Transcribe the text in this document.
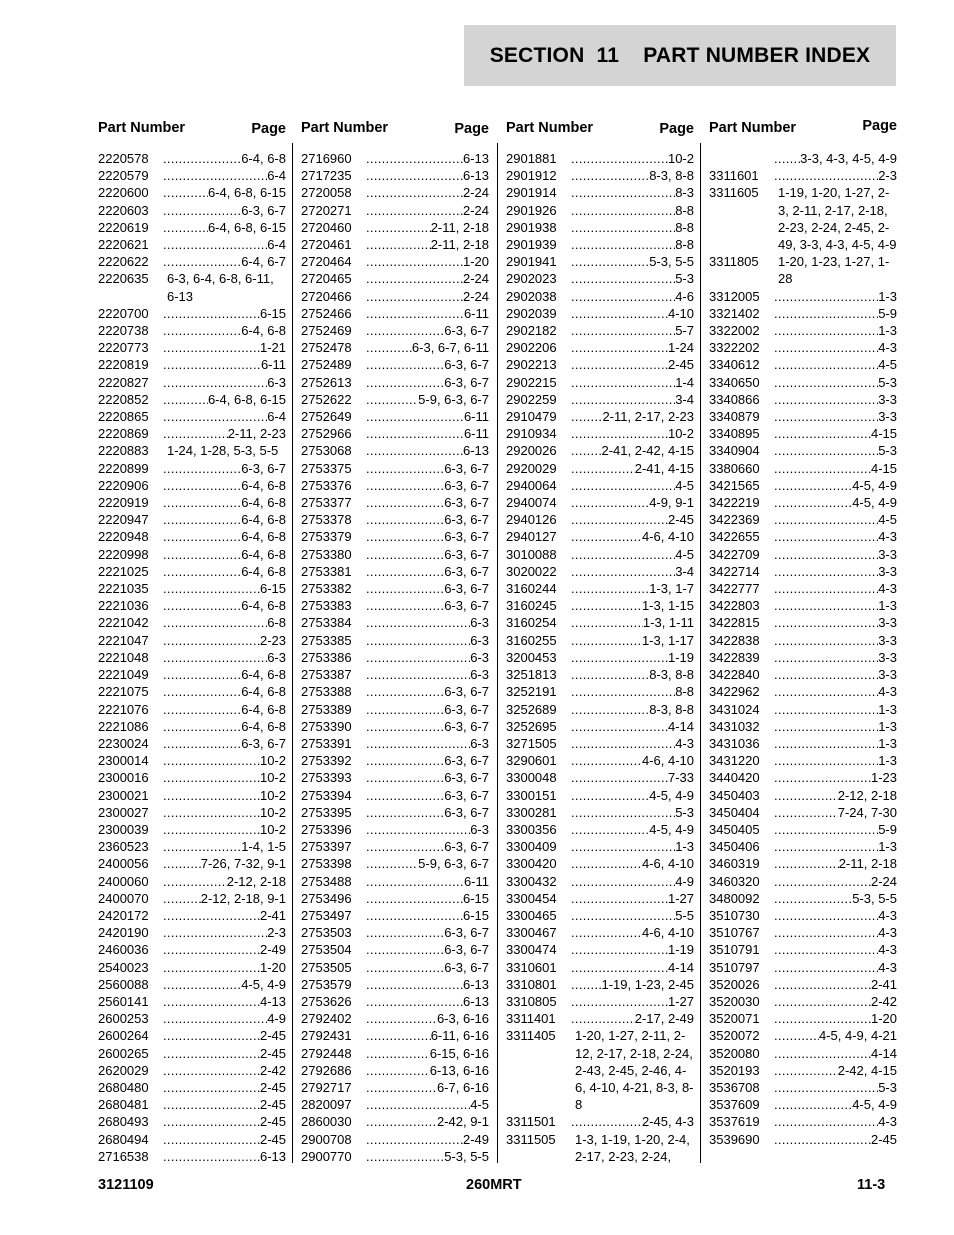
SECTION  11    PART NUMBER INDEX
Part Number	Page
2220578	..... 6-4, 6-8
2220579	..... 6-4
2220600	..... 6-4, 6-8, 6-15
2220603	..... 6-3, 6-7
2220619	..... 6-4, 6-8, 6-15
2220621	..... 6-4
2220622	..... 6-4, 6-7
2220635	6-3, 6-4, 6-8, 6-11, 6-13
2220700	..... 6-15
2220738	..... 6-4, 6-8
2220773	..... 1-21
2220819	..... 6-11
2220827	..... 6-3
2220852	..... 6-4, 6-8, 6-15
2220865	..... 6-4
2220869	..... 2-11, 2-23
2220883	1-24, 1-28, 5-3, 5-5
2220899	..... 6-3, 6-7
2220906	..... 6-4, 6-8
2220919	..... 6-4, 6-8
2220947	..... 6-4, 6-8
2220948	..... 6-4, 6-8
2220998	..... 6-4, 6-8
2221025	..... 6-4, 6-8
2221035	..... 6-15
2221036	..... 6-4, 6-8
2221042	..... 6-8
2221047	..... 2-23
2221048	..... 6-3
2221049	..... 6-4, 6-8
2221075	..... 6-4, 6-8
2221076	..... 6-4, 6-8
2221086	..... 6-4, 6-8
2230024	..... 6-3, 6-7
2300014	..... 10-2
2300016	..... 10-2
2300021	..... 10-2
2300027	..... 10-2
2300039	..... 10-2
2360523	..... 1-4, 1-5
2400056	..... 7-26, 7-32, 9-1
2400060	..... 2-12, 2-18
2400070	..... 2-12, 2-18, 9-1
2420172	..... 2-41
2420190	..... 2-3
2460036	..... 2-49
2540023	..... 1-20
2560088	..... 4-5, 4-9
2560141	..... 4-13
2600253	..... 4-9
2600264	..... 2-45
2600265	..... 2-45
2620029	..... 2-42
2680480	..... 2-45
2680481	..... 2-45
2680493	..... 2-45
2680494	..... 2-45
2716538	..... 6-13
Part Number	Page
2716960	..... 6-13
2717235	..... 6-13
2720058	..... 2-24
2720271	..... 2-24
2720460	..... 2-11, 2-18
2720461	..... 2-11, 2-18
2720464	..... 1-20
2720465	..... 2-24
2720466	..... 2-24
2752466	..... 6-11
2752469	..... 6-3, 6-7
2752478	..... 6-3, 6-7, 6-11
2752489	..... 6-3, 6-7
2752613	..... 6-3, 6-7
2752622	..... 5-9, 6-3, 6-7
2752649	..... 6-11
2752966	..... 6-11
2753068	..... 6-13
2753375	..... 6-3, 6-7
2753376	..... 6-3, 6-7
2753377	..... 6-3, 6-7
2753378	..... 6-3, 6-7
2753379	..... 6-3, 6-7
2753380	..... 6-3, 6-7
2753381	..... 6-3, 6-7
2753382	..... 6-3, 6-7
2753383	..... 6-3, 6-7
2753384	..... 6-3
2753385	..... 6-3
2753386	..... 6-3
2753387	..... 6-3
2753388	..... 6-3, 6-7
2753389	..... 6-3, 6-7
2753390	..... 6-3, 6-7
2753391	..... 6-3
2753392	..... 6-3, 6-7
2753393	..... 6-3, 6-7
2753394	..... 6-3, 6-7
2753395	..... 6-3, 6-7
2753396	..... 6-3
2753397	..... 6-3, 6-7
2753398	..... 5-9, 6-3, 6-7
2753488	..... 6-11
2753496	..... 6-15
2753497	..... 6-15
2753503	..... 6-3, 6-7
2753504	..... 6-3, 6-7
2753505	..... 6-3, 6-7
2753579	..... 6-13
2753626	..... 6-13
2792402	..... 6-3, 6-16
2792431	..... 6-11, 6-16
2792448	..... 6-15, 6-16
2792686	..... 6-13, 6-16
2792717	..... 6-7, 6-16
2820097	..... 4-5
2860030	..... 2-42, 9-1
2900708	..... 2-49
2900770	..... 5-3, 5-5
Part Number	Page
2901881	..... 10-2
2901912	..... 8-3, 8-8
2901914	..... 8-3
2901926	..... 8-8
2901938	..... 8-8
2901939	..... 8-8
2901941	..... 5-3, 5-5
2902023	..... 5-3
2902038	..... 4-6
2902039	..... 4-10
2902182	..... 5-7
2902206	..... 1-24
2902213	..... 2-45
2902215	..... 1-4
2902259	..... 3-4
2910479	..... 2-11, 2-17, 2-23
2910934	..... 10-2
2920026	..... 2-41, 2-42, 4-15
2920029	..... 2-41, 4-15
2940064	..... 4-5
2940074	..... 4-9, 9-1
2940126	..... 2-45
2940127	..... 4-6, 4-10
3010088	..... 4-5
3020022	..... 3-4
3160244	..... 1-3, 1-7
3160245	..... 1-3, 1-15
3160254	..... 1-3, 1-11
3160255	..... 1-3, 1-17
3200453	..... 1-19
3251813	..... 8-3, 8-8
3252191	..... 8-8
3252689	..... 8-3, 8-8
3252695	..... 4-14
3271505	..... 4-3
3290601	..... 4-6, 4-10
3300048	..... 7-33
3300151	..... 4-5, 4-9
3300281	..... 5-3
3300356	..... 4-5, 4-9
3300409	..... 1-3
3300420	..... 4-6, 4-10
3300432	..... 4-9
3300454	..... 1-27
3300465	..... 5-5
3300467	..... 4-6, 4-10
3300474	..... 1-19
3310601	..... 4-14
3310801	..... 1-19, 1-23, 2-45
3310805	..... 1-27
3311401	..... 2-17, 2-49
3311405	1-20, 1-27, 2-11, 2-12, 2-17, 2-18, 2-24, 2-43, 2-45, 2-46, 4-6, 4-10, 4-21, 8-3, 8-8
3311501	..... 2-45, 4-3
3311505	1-3, 1-19, 1-20, 2-4, 2-17, 2-23, 2-24,
Part Number	Page
..... 3-3, 4-3, 4-5, 4-9
3311601	..... 2-3
3311605	1-19, 1-20, 1-27, 2-3, 2-11, 2-17, 2-18, 2-23, 2-24, 2-45, 2-49, 3-3, 4-3, 4-5, 4-9
3311805	1-20, 1-23, 1-27, 1-28
3312005	..... 1-3
3321402	..... 5-9
3322002	..... 1-3
3322202	..... 4-3
3340612	..... 4-5
3340650	..... 5-3
3340866	..... 3-3
3340879	..... 3-3
3340895	..... 4-15
3340904	..... 5-3
3380660	..... 4-15
3421565	..... 4-5, 4-9
3422219	..... 4-5, 4-9
3422369	..... 4-5
3422655	..... 4-3
3422709	..... 3-3
3422714	..... 3-3
3422777	..... 4-3
3422803	..... 1-3
3422815	..... 3-3
3422838	..... 3-3
3422839	..... 3-3
3422840	..... 3-3
3422962	..... 4-3
3431024	..... 1-3
3431032	..... 1-3
3431036	..... 1-3
3431220	..... 1-3
3440420	..... 1-23
3450403	..... 2-12, 2-18
3450404	..... 7-24, 7-30
3450405	..... 5-9
3450406	..... 1-3
3460319	..... 2-11, 2-18
3460320	..... 2-24
3480092	..... 5-3, 5-5
3510730	..... 4-3
3510767	..... 4-3
3510791	..... 4-3
3510797	..... 4-3
3520026	..... 2-41
3520030	..... 2-42
3520071	..... 1-20
3520072	..... 4-5, 4-9, 4-21
3520080	..... 4-14
3520193	..... 2-42, 4-15
3536708	..... 5-3
3537609	..... 4-5, 4-9
3537619	..... 4-3
3539690	..... 2-45
3121109	260MRT	11-3
